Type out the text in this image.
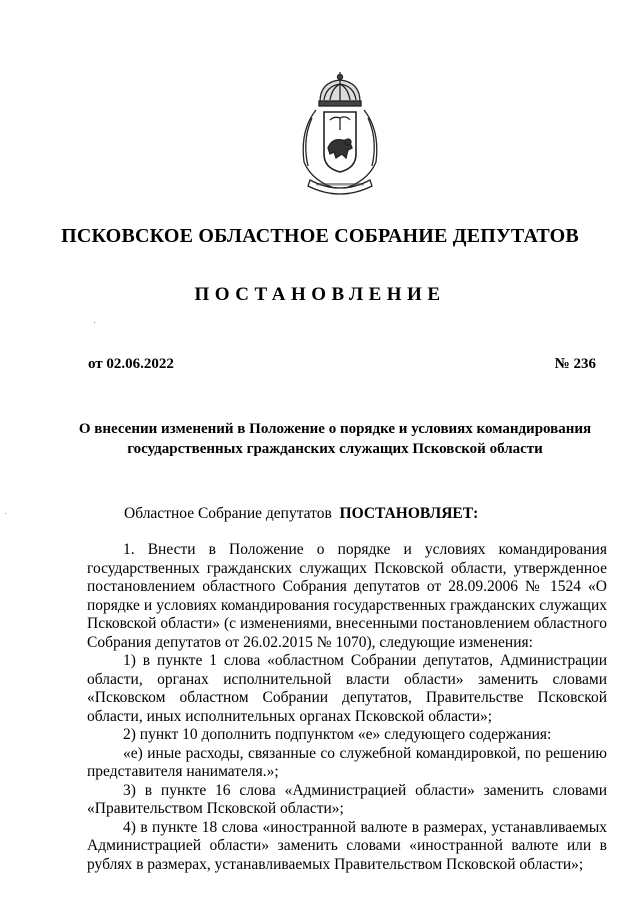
ПСКОВСКОЕ ОБЛАСТНОЕ СОБРАНИЕ ДЕПУТАТОВ
ПОСТАНОВЛЕНИЕ
от 02.06.2022	№ 236
О внесении изменений в Положение о порядке и условиях командирования
государственных гражданских служащих Псковской области
Областное Собрание депутатов ПОСТАНОВЛЯЕТ:

1. Внести в Положение о порядке и условиях командирования государственных гражданских служащих Псковской области, утвержденное постановлением областного Собрания депутатов от 28.09.2006 № 1524 «О порядке и условиях командирования государственных гражданских служащих Псковской области» (с изменениями, внесенными постановлением областного Собрания депутатов от 26.02.2015 № 1070), следующие изменения:

1) в пункте 1 слова «областном Собрании депутатов, Администрации области, органах исполнительной власти области» заменить словами «Псковском областном Собрании депутатов, Правительстве Псковской области, иных исполнительных органах Псковской области»;

2) пункт 10 дополнить подпунктом «е» следующего содержания:

«е) иные расходы, связанные со служебной командировкой, по решению представителя нанимателя.»;

3) в пункте 16 слова «Администрацией области» заменить словами «Правительством Псковской области»;

4) в пункте 18 слова «иностранной валюте в размерах, устанавливаемых Администрацией области» заменить словами «иностранной валюте или в рублях в размерах, устанавливаемых Правительством Псковской области»;
